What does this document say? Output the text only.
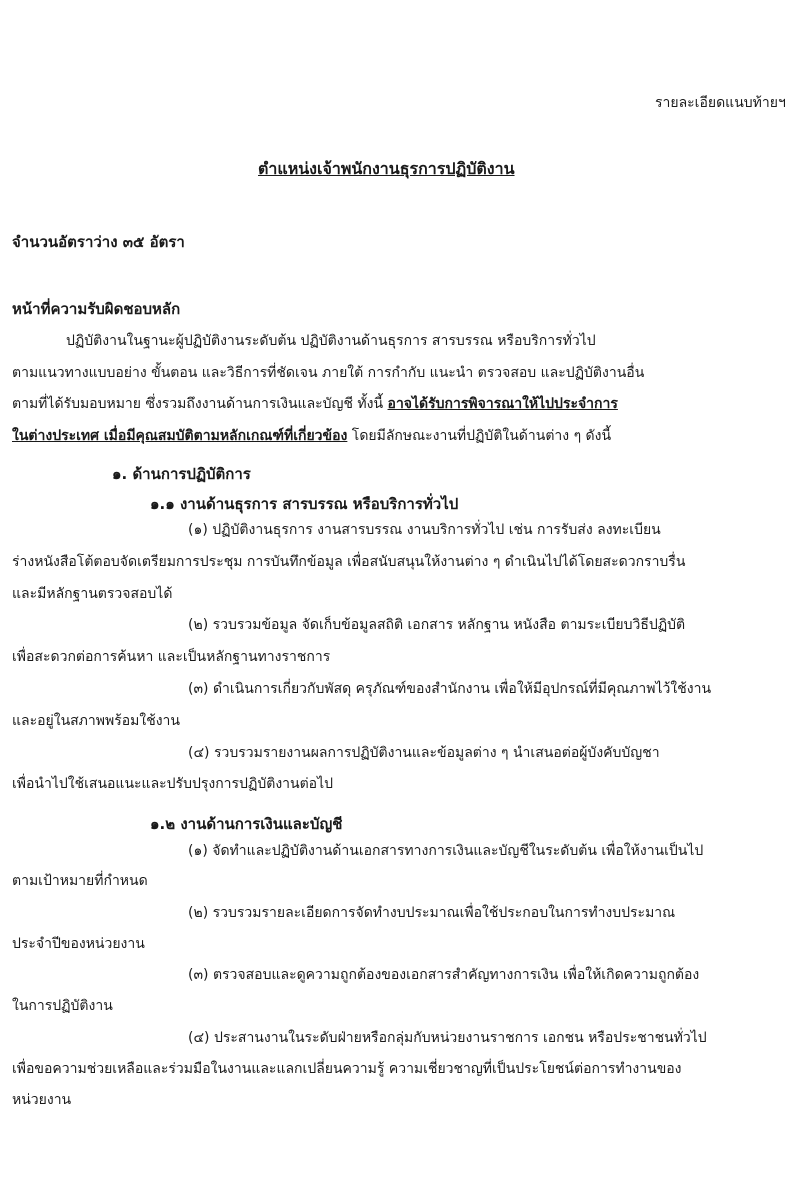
รายละเอียดแนบท้ายฯ
ตำแหน่งเจ้าพนักงานธุรการปฏิบัติงาน
จำนวนอัตราว่าง ๓๕ อัตรา
หน้าที่ความรับผิดชอบหลัก
ปฏิบัติงานในฐานะผู้ปฏิบัติงานระดับต้น ปฏิบัติงานด้านธุรการ สารบรรณ หรือบริการทั่วไป
ตามแนวทางแบบอย่าง ขั้นตอน และวิธีการที่ชัดเจน ภายใต้ การกำกับ แนะนำ ตรวจสอบ และปฏิบัติงานอื่น
ตามที่ได้รับมอบหมาย ซึ่งรวมถึงงานด้านการเงินและบัญชี ทั้งนี้ อาจได้รับการพิจารณาให้ไปประจำการ
ในต่างประเทศ เมื่อมีคุณสมบัติตามหลักเกณฑ์ที่เกี่ยวข้อง โดยมีลักษณะงานที่ปฏิบัติในด้านต่าง ๆ ดังนี้
๑. ด้านการปฏิบัติการ
๑.๑ งานด้านธุรการ สารบรรณ หรือบริการทั่วไป
(๑) ปฏิบัติงานธุรการ งานสารบรรณ งานบริการทั่วไป เช่น การรับส่ง ลงทะเบียน
ร่างหนังสือโต้ตอบจัดเตรียมการประชุม การบันทึกข้อมูล เพื่อสนับสนุนให้งานต่าง ๆ ดำเนินไปได้โดยสะดวกราบรื่น
และมีหลักฐานตรวจสอบได้
(๒) รวบรวมข้อมูล จัดเก็บข้อมูลสถิติ เอกสาร หลักฐาน หนังสือ ตามระเบียบวิธีปฏิบัติ
เพื่อสะดวกต่อการค้นหา และเป็นหลักฐานทางราชการ
(๓) ดำเนินการเกี่ยวกับพัสดุ ครุภัณฑ์ของสำนักงาน เพื่อให้มีอุปกรณ์ที่มีคุณภาพไว้ใช้งาน
และอยู่ในสภาพพร้อมใช้งาน
(๔) รวบรวมรายงานผลการปฏิบัติงานและข้อมูลต่าง ๆ นำเสนอต่อผู้บังคับบัญชา
เพื่อนำไปใช้เสนอแนะและปรับปรุงการปฏิบัติงานต่อไป
๑.๒ งานด้านการเงินและบัญชี
(๑) จัดทำและปฏิบัติงานด้านเอกสารทางการเงินและบัญชีในระดับต้น เพื่อให้งานเป็นไป
ตามเป้าหมายที่กำหนด
(๒) รวบรวมรายละเอียดการจัดทำงบประมาณเพื่อใช้ประกอบในการทำงบประมาณ
ประจำปีของหน่วยงาน
(๓) ตรวจสอบและดูความถูกต้องของเอกสารสำคัญทางการเงิน เพื่อให้เกิดความถูกต้อง
ในการปฏิบัติงาน
(๔) ประสานงานในระดับฝ่ายหรือกลุ่มกับหน่วยงานราชการ เอกชน หรือประชาชนทั่วไป
เพื่อขอความช่วยเหลือและร่วมมือในงานและแลกเปลี่ยนความรู้ ความเชี่ยวชาญที่เป็นประโยชน์ต่อการทำงานของ
หน่วยงาน
